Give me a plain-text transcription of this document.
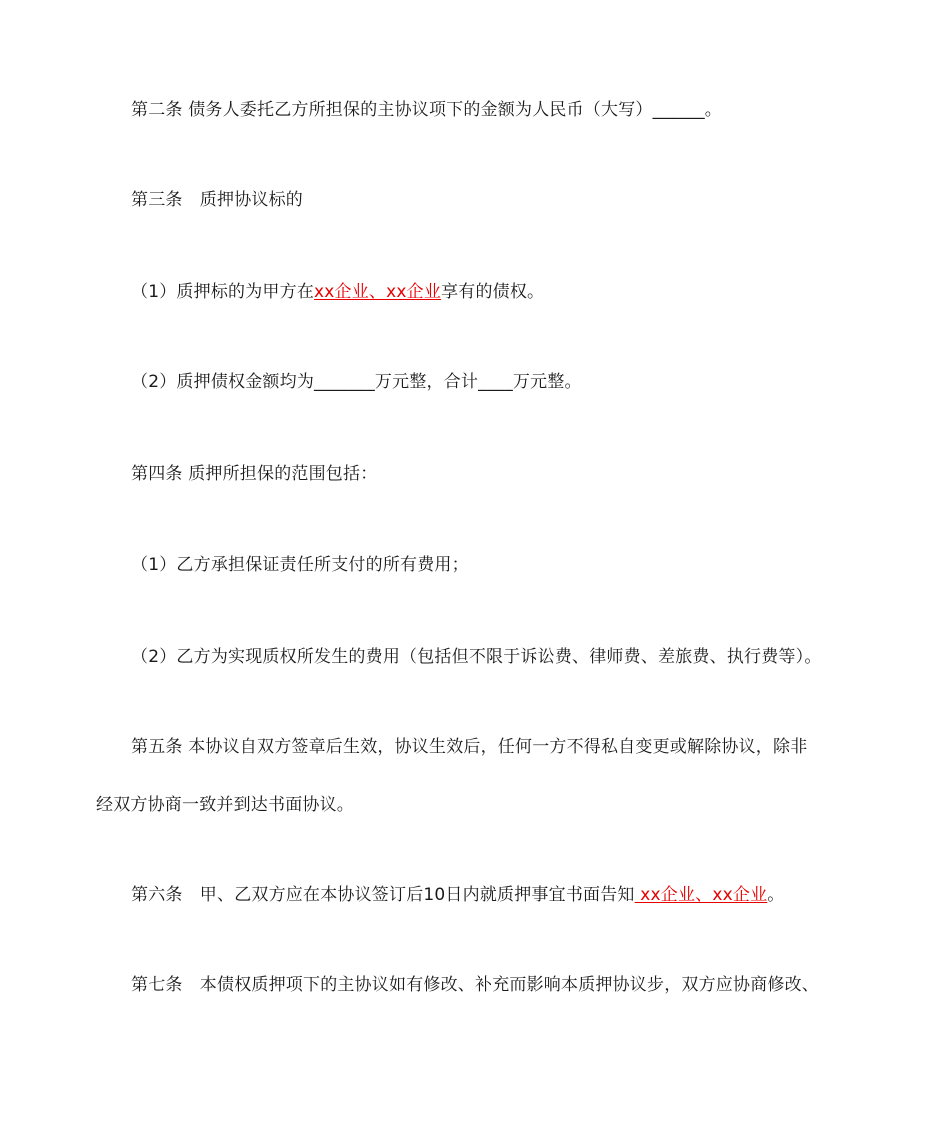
第二条 债务人委托乙方所担保的主协议项下的金额为人民币（大写）______。
第三条　质押协议标的
（1）质押标的为甲方在xx企业、xx企业享有的债权。
（2）质押债权金额均为_______万元整，合计____万元整。
第四条 质押所担保的范围包括：
（1）乙方承担保证责任所支付的所有费用；
（2）乙方为实现质权所发生的费用（包括但不限于诉讼费、律师费、差旅费、执行费等）。
第五条 本协议自双方签章后生效，协议生效后，任何一方不得私自变更或解除协议，除非
经双方协商一致并到达书面协议。
第六条　甲、乙双方应在本协议签订后10日内就质押事宜书面告知 xx企业、xx企业。
第七条　本债权质押项下的主协议如有修改、补充而影响本质押协议步，双方应协商修改、
